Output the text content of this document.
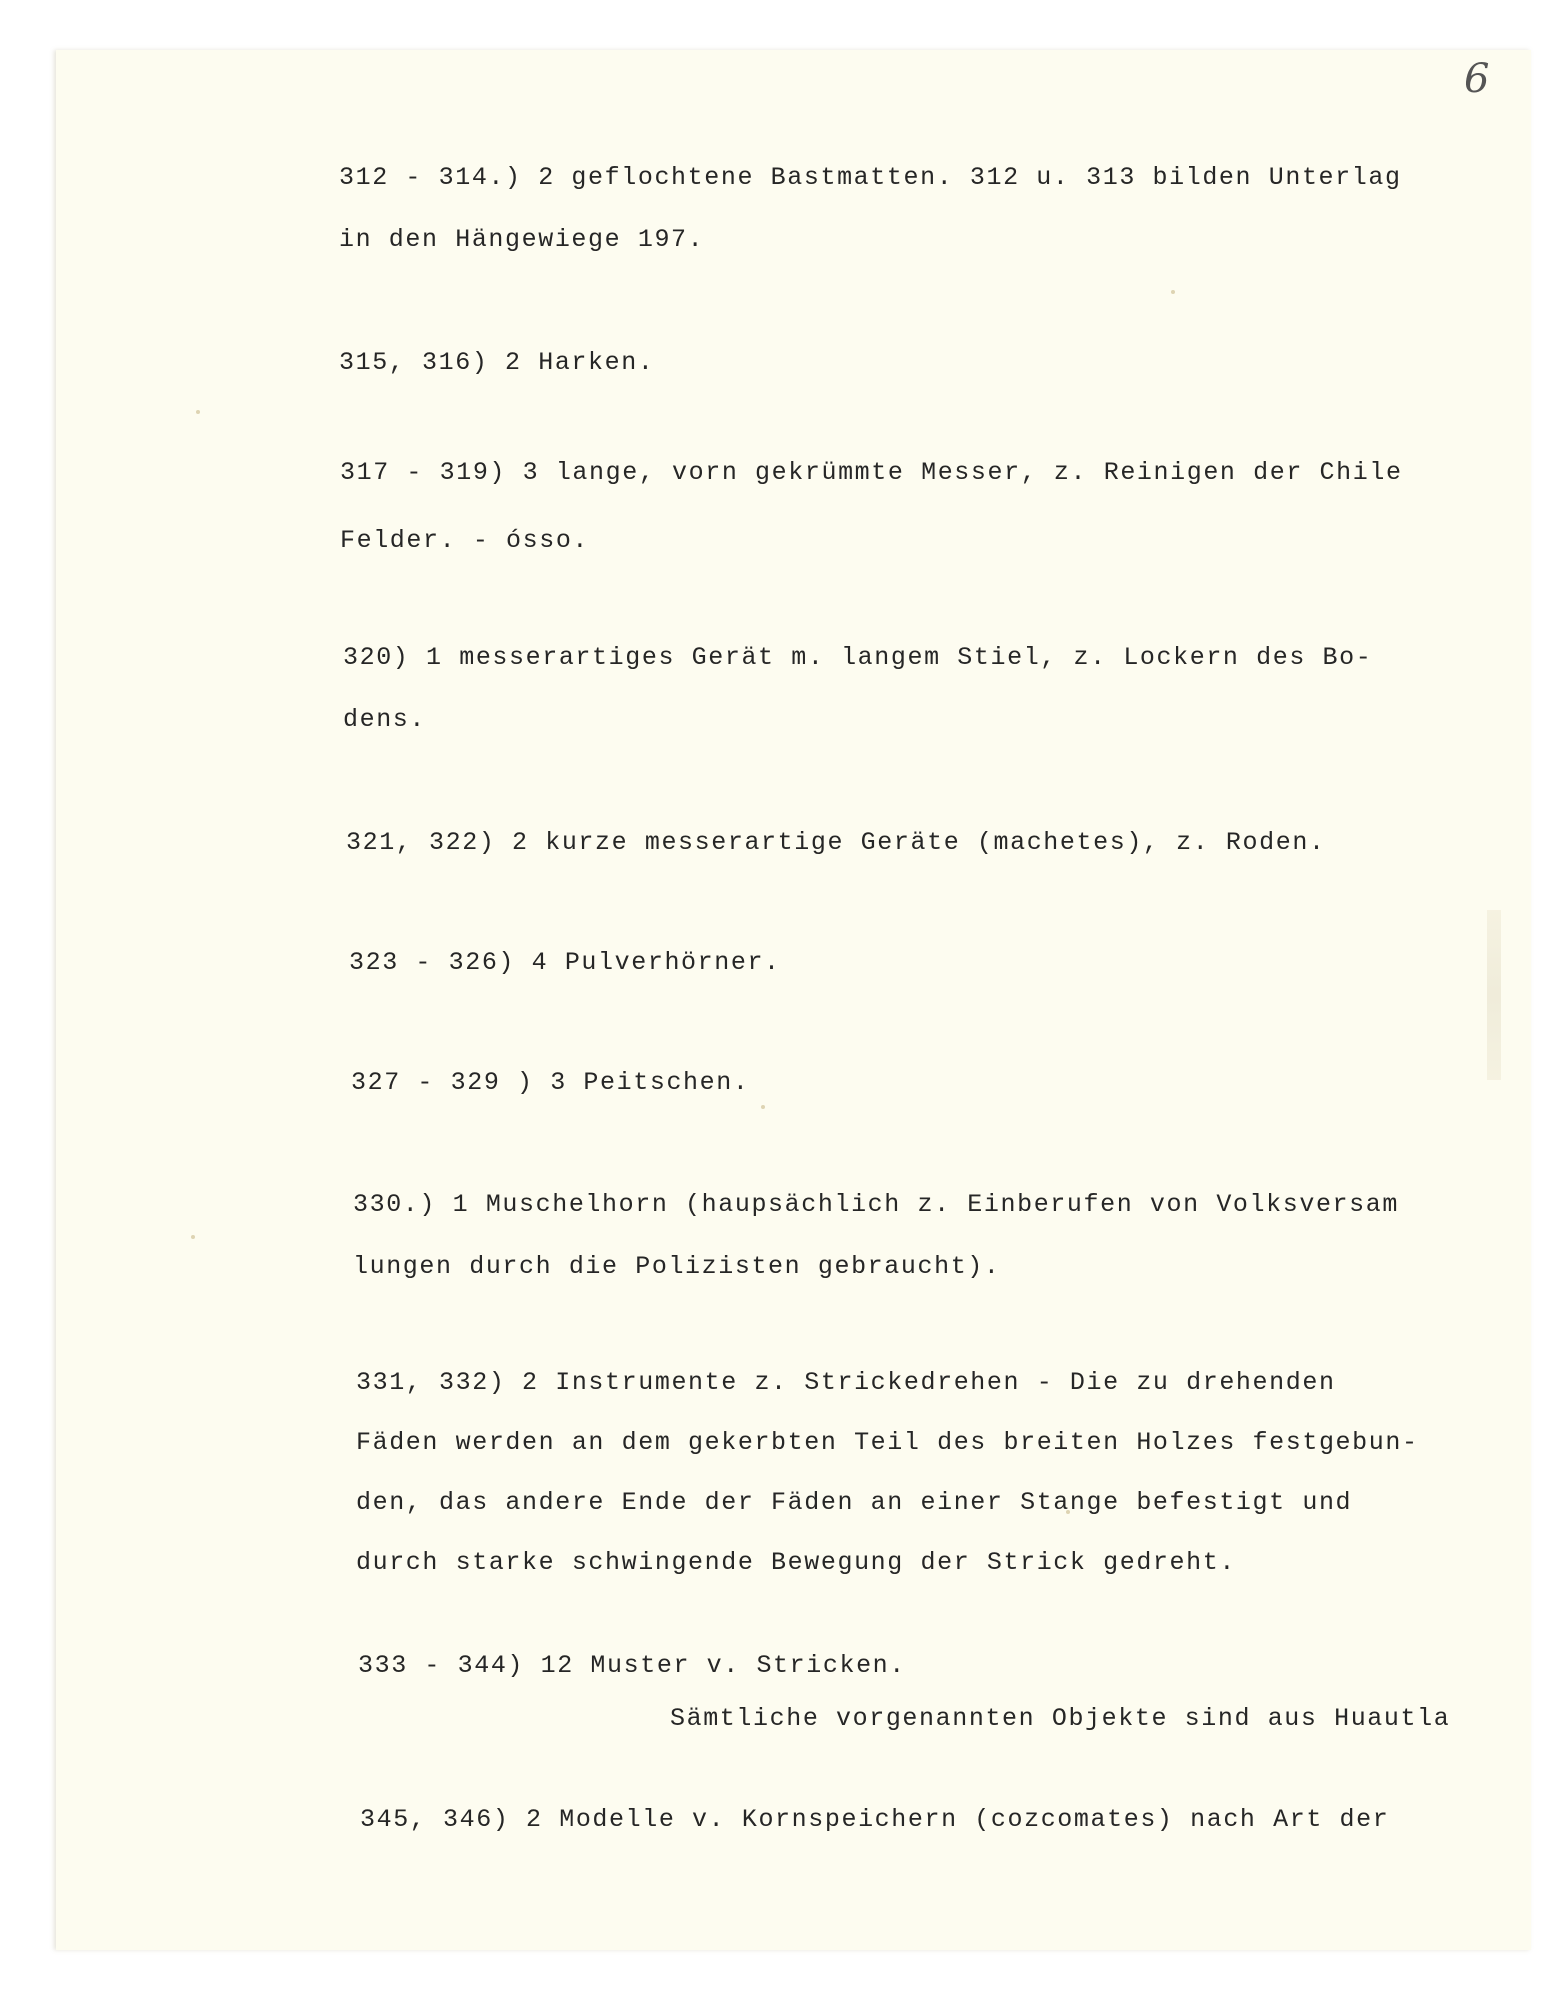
6
312 - 314.) 2 geflochtene Bastmatten. 312 u. 313 bilden Unterlag
in den Hängewiege 197.
315, 316) 2 Harken.
317 - 319) 3 lange, vorn gekrümmte Messer, z. Reinigen der Chile
Felder. - ósso.
320) 1 messerartiges Gerät m. langem Stiel, z. Lockern des Bo-
dens.
321, 322) 2 kurze messerartige Geräte (machetes), z. Roden.
323 - 326) 4 Pulverhörner.
327 - 329 ) 3 Peitschen.
330.) 1 Muschelhorn (haupsächlich z. Einberufen von Volksversam
lungen durch die Polizisten gebraucht).
331, 332) 2 Instrumente z. Strickedrehen - Die zu drehenden
Fäden werden an dem gekerbten Teil des breiten Holzes festgebun-
den, das andere Ende der Fäden an einer Stange befestigt und
durch starke schwingende Bewegung der Strick gedreht.
333 - 344) 12 Muster v. Stricken.
Sämtliche vorgenannten Objekte sind aus Huautla
345, 346) 2 Modelle v. Kornspeichern (cozcomates) nach Art der
